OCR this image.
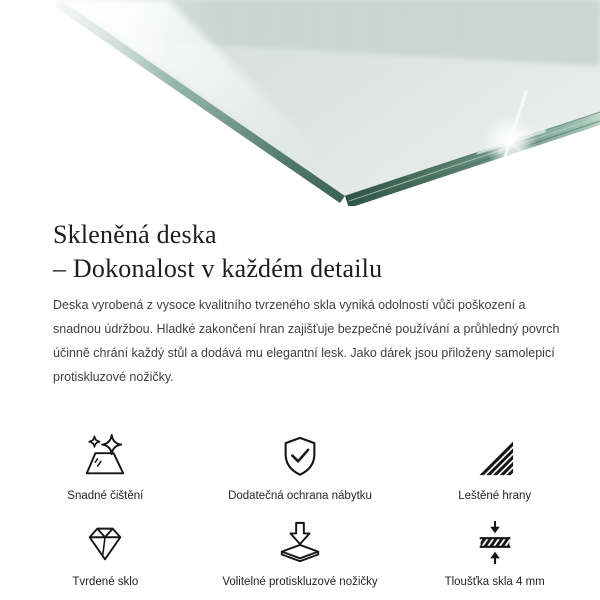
Skleněná deska
– Dokonalost v každém detailu

Deska vyrobená z vysoce kvalitního tvrzeného skla vyniká odolností vůči poškození a snadnou údržbou. Hladké zakončení hran zajišťuje bezpečné používání a průhledný povrch účinně chrání každý stůl a dodává mu elegantní lesk. Jako dárek jsou přiloženy samolepicí protiskluzové nožičky.

Snadné čištění	Dodatečná ochrana nábytku	Leštěné hrany
Tvrdené sklo	Volitelné protiskluzové nožičky	Tloušťka skla 4 mm
